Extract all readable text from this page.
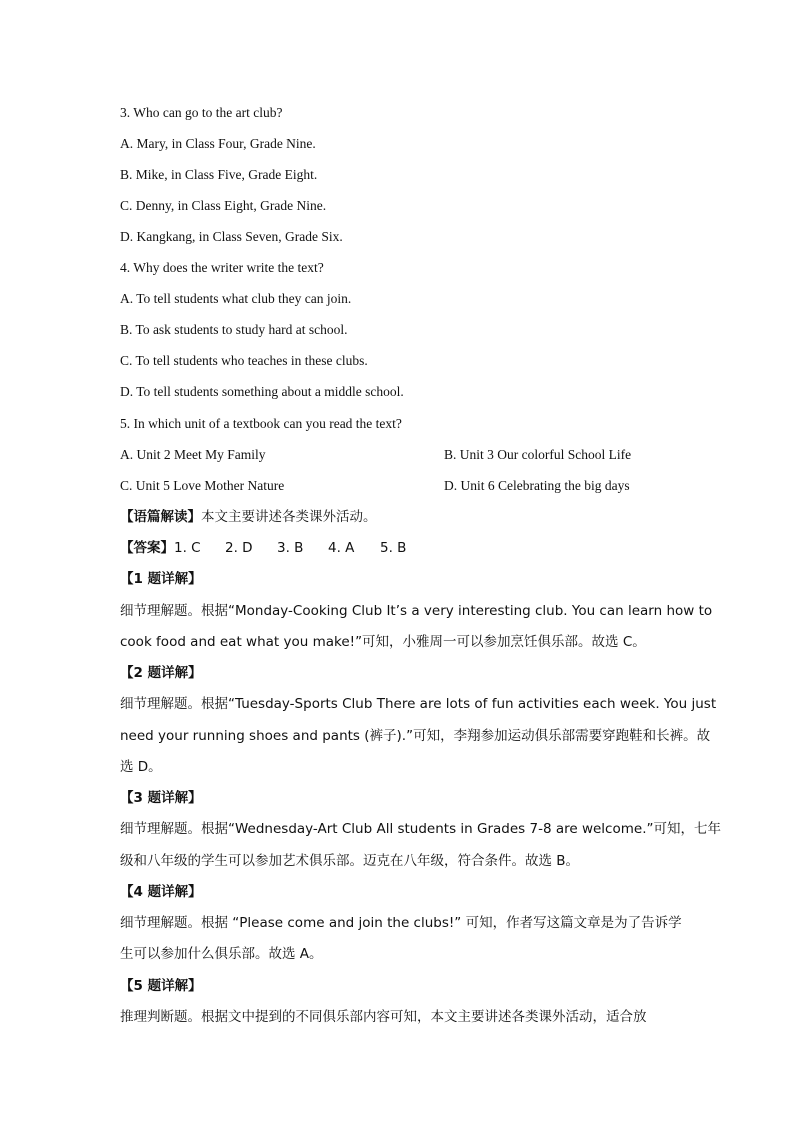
3. Who can go to the art club?
A. Mary, in Class Four, Grade Nine.
B. Mike, in Class Five, Grade Eight.
C. Denny, in Class Eight, Grade Nine.
D. Kangkang, in Class Seven, Grade Six.
4. Why does the writer write the text?
A. To tell students what club they can join.
B. To ask students to study hard at school.
C. To tell students who teaches in these clubs.
D. To tell students something about a middle school.
5. In which unit of a textbook can you read the text?
A. Unit 2 Meet My Family	B. Unit 3 Our colorful School Life
C. Unit 5 Love Mother Nature	D. Unit 6 Celebrating the big days
【语篇解读】本文主要讲述各类课外活动。
【答案】1. C 2. D 3. B 4. A 5. B
【1 题详解】
细节理解题。根据“Monday-Cooking Club It’s a very interesting club. You can learn how to
cook food and eat what you make!”可知，小雅周一可以参加烹饪俱乐部。故选 C。
【2 题详解】
细节理解题。根据“Tuesday-Sports Club There are lots of fun activities each week. You just
need your running shoes and pants (裤子).”可知，李翔参加运动俱乐部需要穿跑鞋和长裤。故
选 D。
【3 题详解】
细节理解题。根据“Wednesday-Art Club All students in Grades 7-8 are welcome.”可知，七年
级和八年级的学生可以参加艺术俱乐部。迈克在八年级，符合条件。故选 B。
【4 题详解】
细节理解题。根据 “Please come and join the clubs!” 可知，作者写这篇文章是为了告诉学
生可以参加什么俱乐部。故选 A。
【5 题详解】
推理判断题。根据文中提到的不同俱乐部内容可知，本文主要讲述各类课外活动，适合放
